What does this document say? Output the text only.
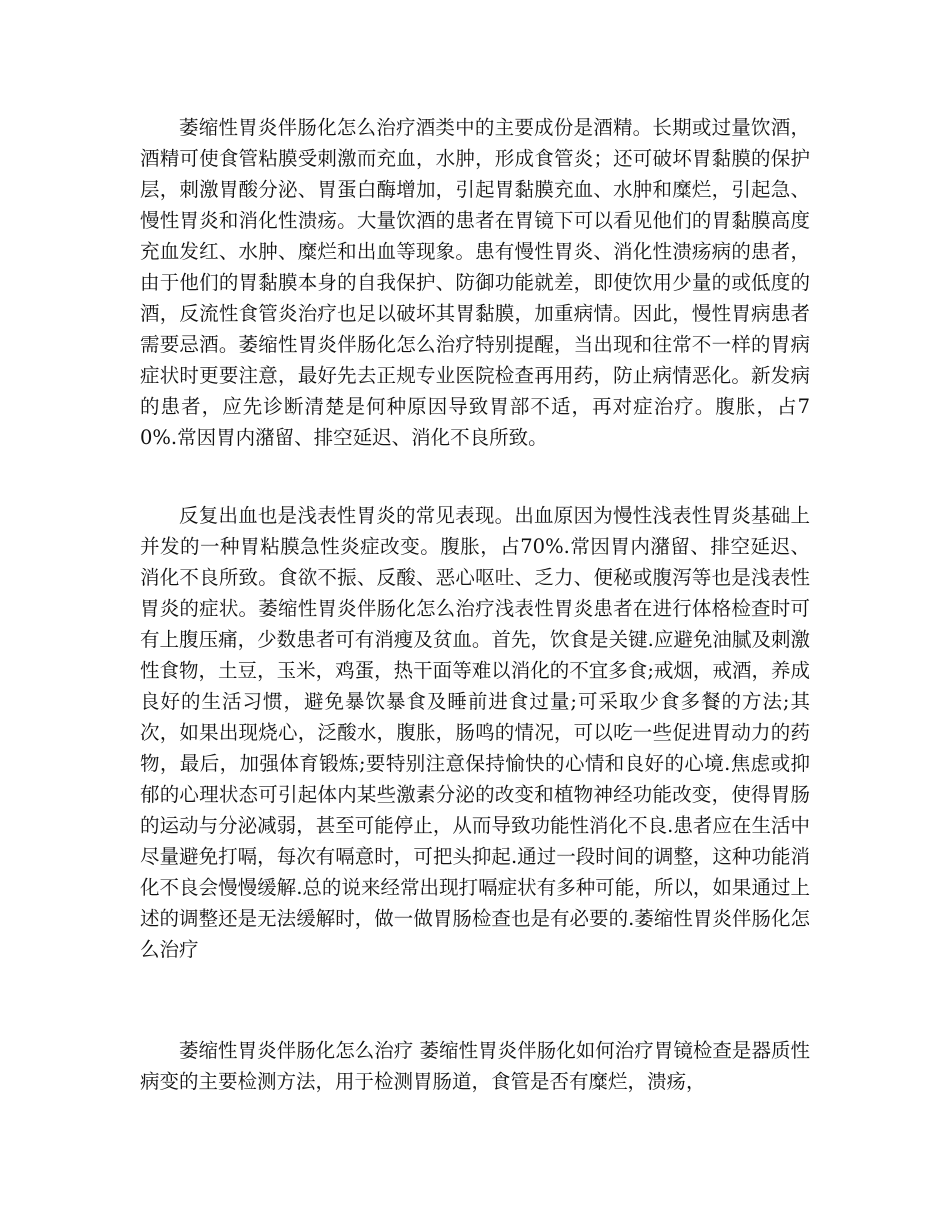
萎缩性胃炎伴肠化怎么治疗酒类中的主要成份是酒精。长期或过量饮酒，酒精可使食管粘膜受刺激而充血，水肿，形成食管炎；还可破坏胃黏膜的保护层，刺激胃酸分泌、胃蛋白酶增加，引起胃黏膜充血、水肿和糜烂，引起急、慢性胃炎和消化性溃疡。大量饮酒的患者在胃镜下可以看见他们的胃黏膜高度充血发红、水肿、糜烂和出血等现象。患有慢性胃炎、消化性溃疡病的患者，由于他们的胃黏膜本身的自我保护、防御功能就差，即使饮用少量的或低度的酒，反流性食管炎治疗也足以破坏其胃黏膜，加重病情。因此，慢性胃病患者需要忌酒。萎缩性胃炎伴肠化怎么治疗特别提醒，当出现和往常不一样的胃病症状时更要注意，最好先去正规专业医院检查再用药，防止病情恶化。新发病的患者，应先诊断清楚是何种原因导致胃部不适，再对症治疗。腹胀，占70%.常因胃内潴留、排空延迟、消化不良所致。

反复出血也是浅表性胃炎的常见表现。出血原因为慢性浅表性胃炎基础上并发的一种胃粘膜急性炎症改变。腹胀，占70%.常因胃内潴留、排空延迟、消化不良所致。食欲不振、反酸、恶心呕吐、乏力、便秘或腹泻等也是浅表性胃炎的症状。萎缩性胃炎伴肠化怎么治疗浅表性胃炎患者在进行体格检查时可有上腹压痛，少数患者可有消瘦及贫血。首先，饮食是关键.应避免油腻及刺激性食物，土豆，玉米，鸡蛋，热干面等难以消化的不宜多食;戒烟，戒酒，养成良好的生活习惯，避免暴饮暴食及睡前进食过量;可采取少食多餐的方法;其次，如果出现烧心，泛酸水，腹胀，肠鸣的情况，可以吃一些促进胃动力的药物，最后，加强体育锻炼;要特别注意保持愉快的心情和良好的心境.焦虑或抑郁的心理状态可引起体内某些激素分泌的改变和植物神经功能改变，使得胃肠的运动与分泌减弱，甚至可能停止，从而导致功能性消化不良.患者应在生活中尽量避免打嗝，每次有嗝意时，可把头抑起.通过一段时间的调整，这种功能消化不良会慢慢缓解.总的说来经常出现打嗝症状有多种可能，所以，如果通过上述的调整还是无法缓解时，做一做胃肠检查也是有必要的.萎缩性胃炎伴肠化怎么治疗

萎缩性胃炎伴肠化怎么治疗 萎缩性胃炎伴肠化如何治疗胃镜检查是器质性病变的主要检测方法，用于检测胃肠道，食管是否有糜烂，溃疡，
